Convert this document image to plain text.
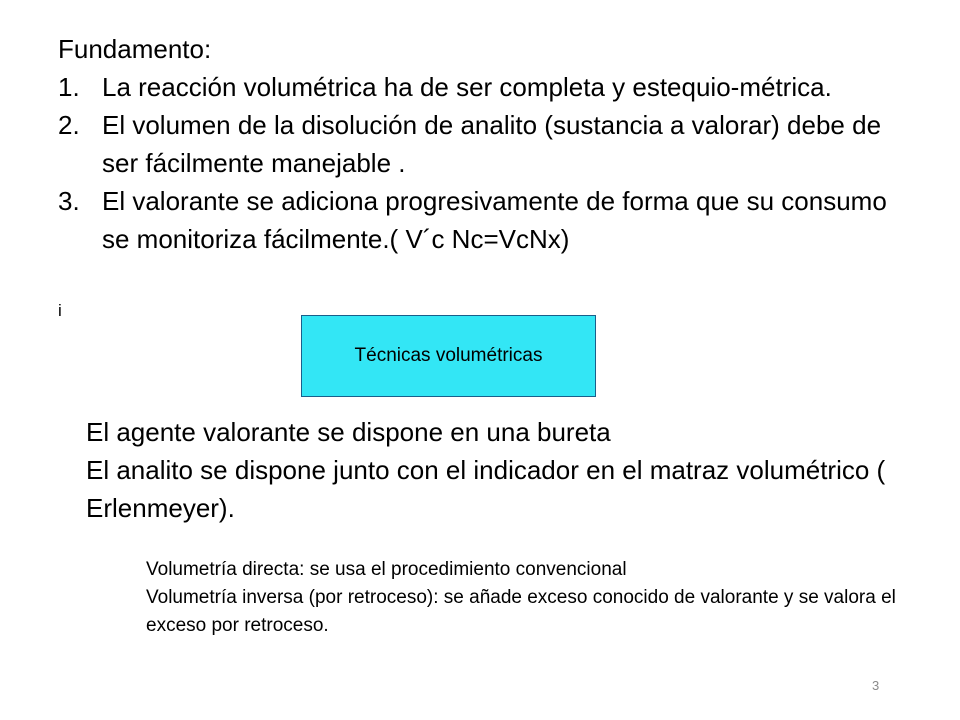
Fundamento:

1. La reacción volumétrica ha de ser completa y estequio-métrica.
2. El volumen de la disolución de analito (sustancia a valorar) debe de ser fácilmente manejable .
3. El valorante se adiciona progresivamente de forma que su consumo se monitoriza fácilmente.( V´c Nc=VcNx)
i
Técnicas volumétricas

El agente valorante se dispone en una bureta

El analito se dispone junto con el indicador en el matraz volumétrico ( Erlenmeyer).

Volumetría directa: se usa el procedimiento convencional

Volumetría inversa (por retroceso): se añade exceso conocido de valorante y se valora el exceso por retroceso.

3
